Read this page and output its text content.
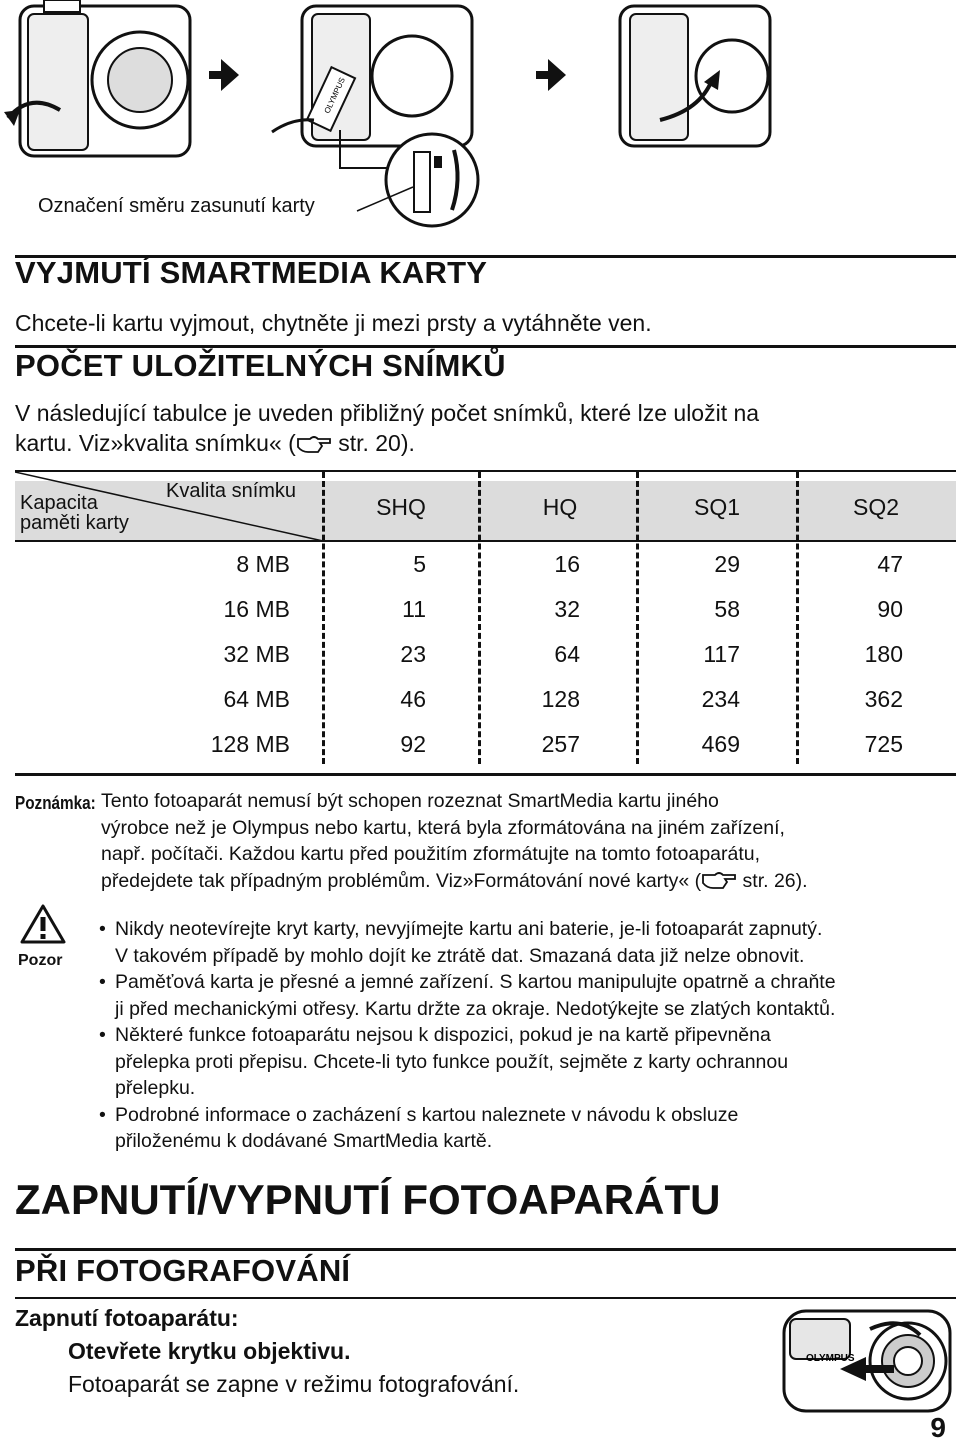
OLYMPUS
Označení směru zasunutí karty
VYJMUTÍ SMARTMEDIA KARTY
Chcete-li kartu vyjmout, chytněte ji mezi prsty a vytáhněte ven.
POČET ULOŽITELNÝCH SNÍMKŮ
V následující tabulce je uveden přibližný počet snímků, které lze uložit na
kartu. Viz»kvalita snímku« ( str. 20).
Kvalita snímku
Kapacita
paměti karty
SHQ	HQ	SQ1	SQ2
8 MB	5	16	29	47
16 MB	11	32	58	90
32 MB	23	64	117	180
64 MB	46	128	234	362
128 MB	92	257	469	725
Poznámka: Tento fotoaparát nemusí být schopen rozeznat SmartMedia kartu jiného
výrobce než je Olympus nebo kartu, která byla zformátována na jiném zařízení,
např. počítači. Každou kartu před použitím zformátujte na tomto fotoaparátu,
předejdete tak případným problémům. Viz»Formátování nové karty« ( str. 26).
Pozor
• Nikdy neotevírejte kryt karty, nevyjímejte kartu ani baterie, je-li fotoaparát zapnutý.
V takovém případě by mohlo dojít ke ztrátě dat. Smazaná data již nelze obnovit.
• Paměťová karta je přesné a jemné zařízení. S kartou manipulujte opatrně a chraňte
ji před mechanickými otřesy. Kartu držte za okraje. Nedotýkejte se zlatých kontaktů.
• Některé funkce fotoaparátu nejsou k dispozici, pokud je na kartě připevněna
přelepka proti přepisu. Chcete-li tyto funkce použít, sejměte z karty ochrannou
přelepku.
• Podrobné informace o zacházení s kartou naleznete v návodu k obsluze
přiloženému k dodávané SmartMedia kartě.
ZAPNUTÍ/VYPNUTÍ FOTOAPARÁTU
PŘI FOTOGRAFOVÁNÍ
Zapnutí fotoaparátu:
Otevřete krytku objektivu.
Fotoaparát se zapne v režimu fotografování.
OLYMPUS
9
